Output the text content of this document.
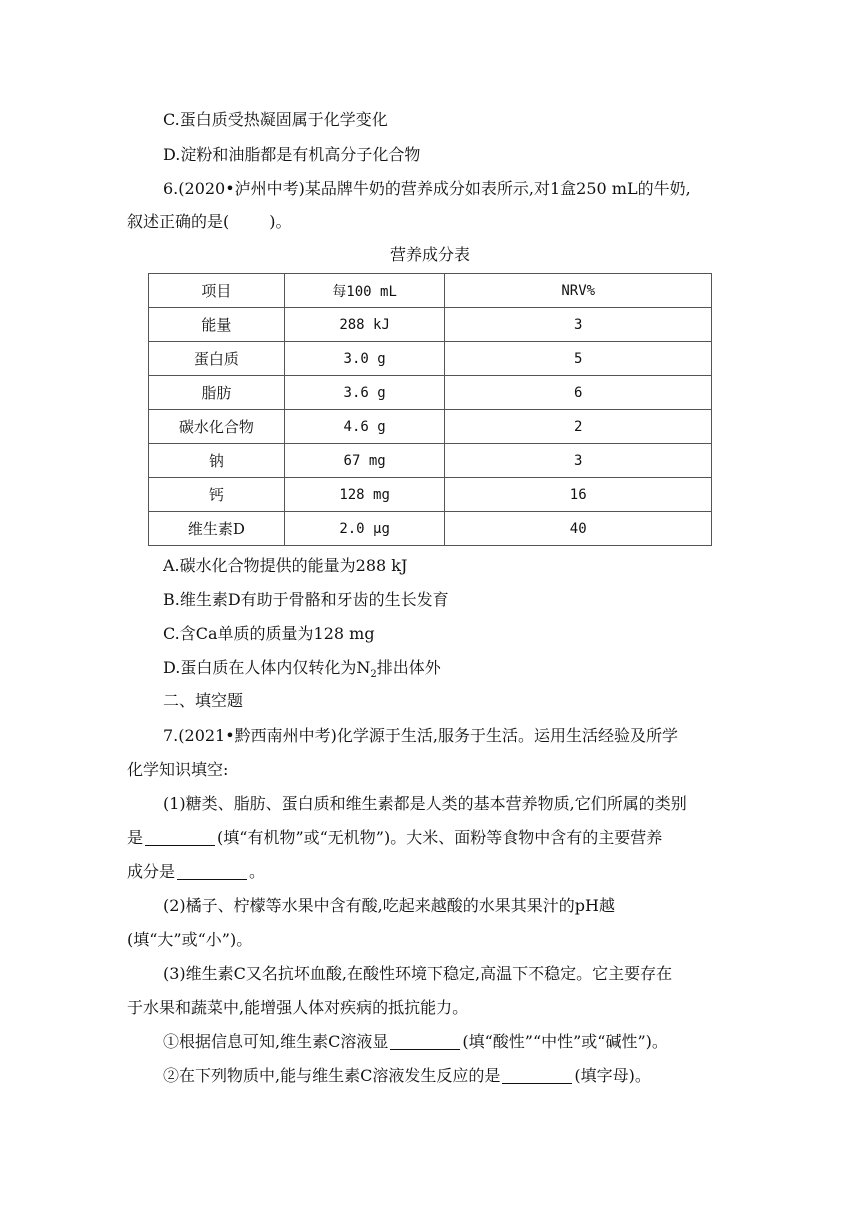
C.蛋白质受热凝固属于化学变化
D.淀粉和油脂都是有机高分子化合物
6.(2020•泸州中考)某品牌牛奶的营养成分如表所示,对1盒250 mL的牛奶,
叙述正确的是(	)。
营养成分表
项目	每100 mL	NRV%
能量	288 kJ	3
蛋白质	3.0 g	5
脂肪	3.6 g	6
碳水化合物	4.6 g	2
钠	67 mg	3
钙	128 mg	16
维生素D	2.0 μg	40
A.碳水化合物提供的能量为288 kJ
B.维生素D有助于骨骼和牙齿的生长发育
C.含Ca单质的质量为128 mg
D.蛋白质在人体内仅转化为$N_2$排出体外
二、填空题
7.(2021•黔西南州中考)化学源于生活,服务于生活。运用生活经验及所学
化学知识填空:
(1)糖类、脂肪、蛋白质和维生素都是人类的基本营养物质,它们所属的类别
是	(填“有机物”或“无机物”)。大米、面粉等食物中含有的主要营养
成分是	。
(2)橘子、柠檬等水果中含有酸,吃起来越酸的水果其果汁的pH越
(填“大”或“小”)。
(3)维生素C又名抗坏血酸,在酸性环境下稳定,高温下不稳定。它主要存在
于水果和蔬菜中,能增强人体对疾病的抵抗能力。
①根据信息可知,维生素C溶液显	(填“酸性”“中性”或“碱性”)。
②在下列物质中,能与维生素C溶液发生反应的是	(填字母)。
